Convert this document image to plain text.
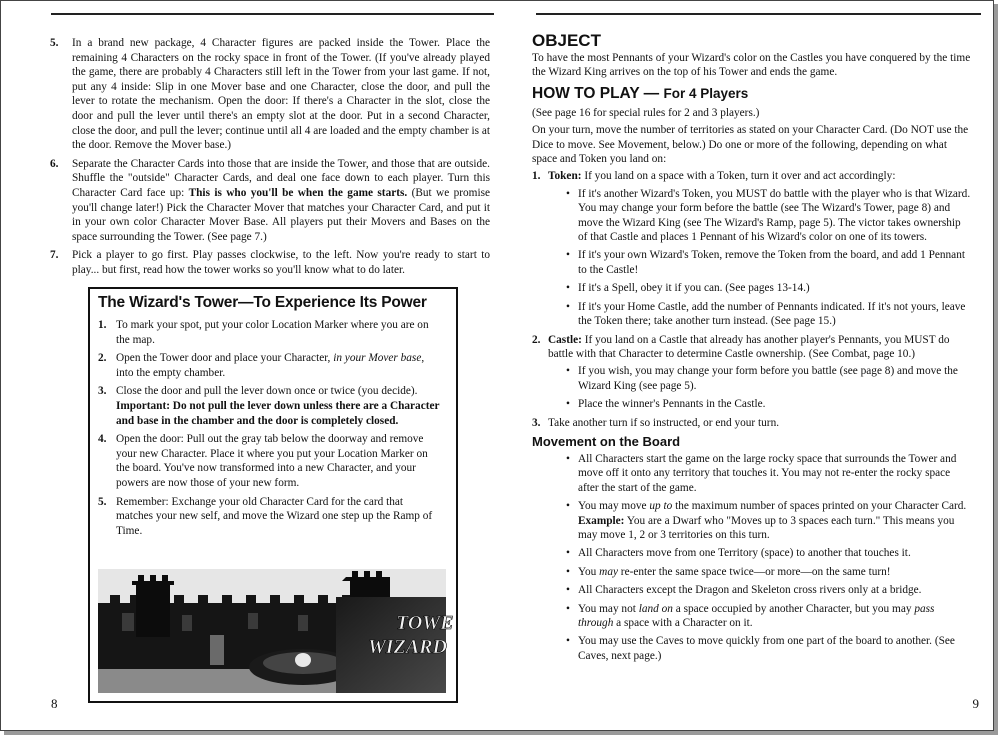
5. In a brand new package, 4 Character figures are packed inside the Tower. Place the remaining 4 Characters on the rocky space in front of the Tower. (If you've already played the game, there are probably 4 Characters still left in the Tower from your last game. If not, put any 4 inside: Slip in one Mover base and one Character, close the door, and pull the lever to rotate the mechanism. Open the door: If there's a Character in the slot, close the door and pull the lever until there's an empty slot at the door. Put in a second Character, close the door, and pull the lever; continue until all 4 are loaded and the empty chamber is at the door. Remove the Mover base.)
6. Separate the Character Cards into those that are inside the Tower, and those that are outside. Shuffle the "outside" Character Cards, and deal one face down to each player. Turn this Character Card face up: This is who you'll be when the game starts. (But we promise you'll change later!) Pick the Character Mover that matches your Character Card, and put it in your own color Character Mover Base. All players put their Movers and Bases on the space surrounding the Tower. (See page 7.)
7. Pick a player to go first. Play passes clockwise, to the left. Now you're ready to start to play... but first, read how the tower works so you'll know what to do later.
The Wizard's Tower—To Experience Its Power
1. To mark your spot, put your color Location Marker where you are on the map.
2. Open the Tower door and place your Character, in your Mover base, into the empty chamber.
3. Close the door and pull the lever down once or twice (you decide). Important: Do not pull the lever down unless there are a Character and base in the chamber and the door is completely closed.
4. Open the door: Pull out the gray tab below the doorway and remove your new Character. Place it where you put your Location Marker on the board. You've now transformed into a new Character, and your powers are now those of your new form.
5. Remember: Exchange your old Character Card for the card that matches your new self, and move the Wizard one step up the Ramp of Time.
TOWE
WIZARD
8	9
OBJECT

To have the most Pennants of your Wizard's color on the Castles you have conquered by the time the Wizard King arrives on the top of his Tower and ends the game.

HOW TO PLAY — For 4 Players

(See page 16 for special rules for 2 and 3 players.)

On your turn, move the number of territories as stated on your Character Card. (Do NOT use the Dice to move. See Movement, below.) Do one or more of the following, depending on what space and Token you land on:

1. Token: If you land on a space with a Token, turn it over and act accordingly:
• If it's another Wizard's Token, you MUST do battle with the player who is that Wizard. You may change your form before the battle (see The Wizard's Tower, page 8) and move the Wizard King (see The Wizard's Ramp, page 5). The victor takes ownership of that Castle and places 1 Pennant of his Wizard's color on one of its towers.
• If it's your own Wizard's Token, remove the Token from the board, and add 1 Pennant to the Castle!
• If it's a Spell, obey it if you can. (See pages 13-14.)
• If it's your Home Castle, add the number of Pennants indicated. If it's not yours, leave the Token there; take another turn instead. (See page 15.)
2. Castle: If you land on a Castle that already has another player's Pennants, you MUST do battle with that Character to determine Castle ownership. (See Combat, page 10.)
• If you wish, you may change your form before you battle (see page 8) and move the Wizard King (see page 5).
• Place the winner's Pennants in the Castle.
3. Take another turn if so instructed, or end your turn.
Movement on the Board
• All Characters start the game on the large rocky space that surrounds the Tower and move off it onto any territory that touches it. You may not re-enter the rocky space after the start of the game.
• You may move up to the maximum number of spaces printed on your Character Card. Example: You are a Dwarf who "Moves up to 3 spaces each turn." This means you may move 1, 2 or 3 territories on this turn.
• All Characters move from one Territory (space) to another that touches it.
• You may re-enter the same space twice—or more—on the same turn!
• All Characters except the Dragon and Skeleton cross rivers only at a bridge.
• You may not land on a space occupied by another Character, but you may pass through a space with a Character on it.
• You may use the Caves to move quickly from one part of the board to another. (See Caves, next page.)
